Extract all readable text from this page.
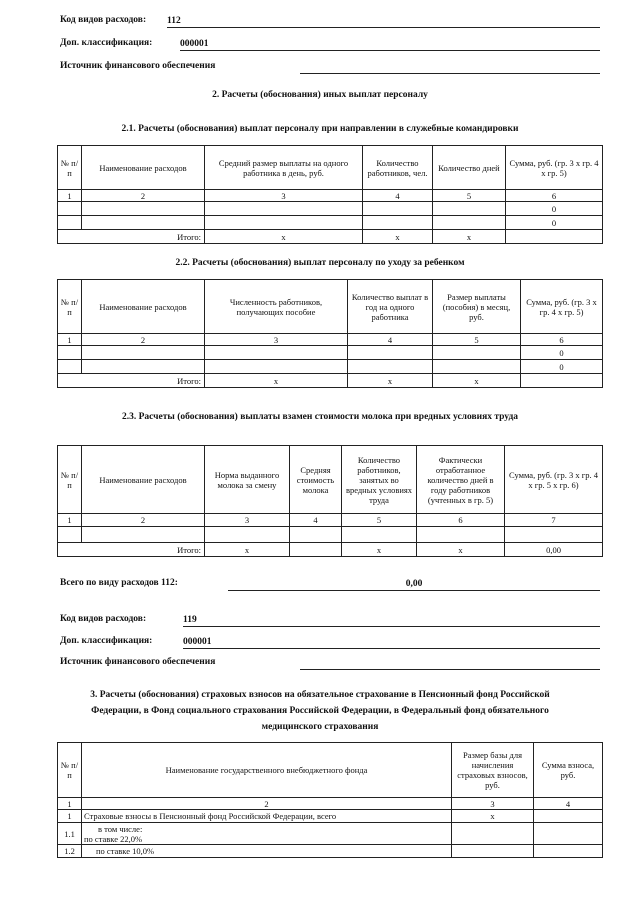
Код видов расходов: 112
Доп. классификация:	000001
Источник финансового обеспечения
2. Расчеты (обоснования) иных выплат персоналу
2.1. Расчеты (обоснования) выплат персоналу при направлении в служебные командировки
№ п/п	Наименование расходов	Средний размер выплаты на одного работника в день, руб.	Количество работников, чел.	Количество дней	Сумма, руб. (гр. 3 х гр. 4 х гр. 5)
1	2	3	4	5	6
					0
					0
	Итого:	х	х	х	
2.2. Расчеты (обоснования) выплат персоналу по уходу за ребенком
№ п/п	Наименование расходов	Численность работников, получающих пособие	Количество выплат в год на одного работника	Размер выплаты (пособия) в месяц, руб.	Сумма, руб. (гр. 3 х гр. 4 х гр. 5)
1	2	3	4	5	6
					0
					0
	Итого:	х	х	х	
2.3. Расчеты (обоснования) выплаты взамен стоимости молока при вредных условиях труда
№ п/п	Наименование расходов	Норма выданного молока за смену	Средняя стоимость молока	Количество работников, занятых во вредных условиях труда	Фактически отработанное количество дней в году работников (учтенных в гр. 5)	Сумма, руб. (гр. 3 х гр. 4 х гр. 5 х гр. 6)
1	2	3	4	5	6	7

	Итого:	х		х	х	0,00
Всего по виду расходов 112:	0,00
Код видов расходов:	119
Доп. классификация:	000001
Источник финансового обеспечения
3. Расчеты (обоснования) страховых взносов на обязательное страхование в Пенсионный фонд Российской
Федерации, в Фонд социального страхования Российской Федерации, в Федеральный фонд обязательного
медицинского страхования
№ п/п	Наименование государственного внебюджетного фонда	Размер базы для начисления страховых взносов, руб.	Сумма взноса, руб.
1	2	3	4
1	Страховые взносы в Пенсионный фонд Российской Федерации, всего	х	
1.1	в том числе:
по ставке 22,0%		

1.2	по ставке 10,0%		
